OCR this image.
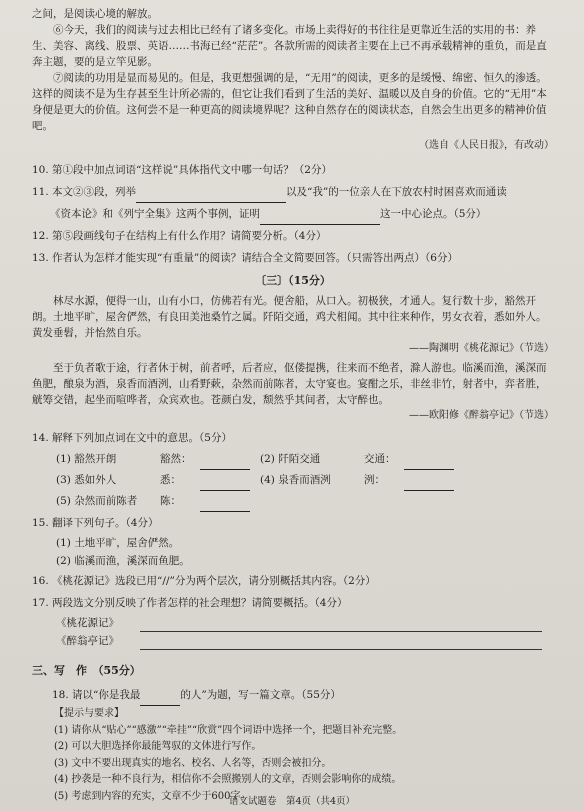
之间，是阅读心境的解放。

⑥今天，我们的阅读与过去相比已经有了诸多变化。市场上卖得好的书往往是更靠近生活的实用的书：养生、美容、离线、股票、英语……书海已经“茫茫”。各款所需的阅读者主要在上已不再承载精神的重负，而是直奔主题，要的是立竿见影。

⑦阅读的功用是显而易见的。但是，我更想强调的是，“无用”的阅读，更多的是缓慢、绵密、恒久的渗透。这样的阅读不是为生存甚至生计所必需的，但它让我们看到了生活的美好、温暖以及自身的价值。它的“无用”本身便是更大的价值。这何尝不是一种更高的阅读境界呢？这种自然存在的阅读状态，自然会生出更多的精神价值吧。

（选自《人民日报》，有改动）

10. 第①段中加点词语“这样说”具体指代文中哪一句话？（2分）

11. 本文②③段，列举	以及“我”的一位亲人在下放农村时困喜欢而通读

《资本论》和《列宁全集》这两个事例，证明	这一中心论点。（5分）

12. 第⑤段画线句子在结构上有什么作用？请简要分析。（4分）

13. 作者认为怎样才能实现“有重量”的阅读？请结合全文简要回答。（只需答出两点）（6分）

〔三〕（15分）

林尽水源，便得一山，山有小口，仿佛若有光。便舍船，从口入。初极狭，才通人。复行数十步，豁然开朗。土地平旷，屋舍俨然，有良田美池桑竹之属。阡陌交通，鸡犬相闻。其中往来种作，男女衣着，悉如外人。黄发垂髫，并怡然自乐。

——陶渊明《桃花源记》（节选）

至于负者歌于途，行者休于树，前者呼，后者应，伛偻提携，往来而不绝者，滁人游也。临溪而渔，溪深而鱼肥，酿泉为酒，泉香而酒洌，山肴野蔌，杂然而前陈者，太守宴也。宴酣之乐，非丝非竹，射者中，弈者胜，觥筹交错，起坐而喧哗者，众宾欢也。苍颜白发，颓然乎其间者，太守醉也。

——欧阳修《醉翁亭记》（节选）

14. 解释下列加点词在文中的意思。（5分）

(1) 豁然开朗	豁然：	(2) 阡陌交通	交通：
(3) 悉如外人	悉：	(4) 泉香而酒洌	洌：
(5) 杂然而前陈者	陈：

15. 翻译下列句子。（4分）

(1) 土地平旷，屋舍俨然。

(2) 临溪而渔，溪深而鱼肥。

16. 《桃花源记》选段已用“//”分为两个层次，请分别概括其内容。（2分）

17. 两段选文分别反映了作者怎样的社会理想？请简要概括。（4分）

《桃花源记》
《醉翁亭记》

三、写　作　（55分）

18. 请以“你是我最	的人”为题，写一篇文章。（55分）

【提示与要求】

(1) 请你从“贴心”“感激”“牵挂”“欣赏”四个词语中选择一个，把题目补充完整。

(2) 可以大胆选择你最能驾驭的文体进行写作。

(3) 文中不要出现真实的地名、校名、人名等，否则会被扣分。

(4) 抄袭是一种不良行为，相信你不会照搬别人的文章，否则会影响你的成绩。

(5) 考虑到内容的充实，文章不少于600字。

语文试题卷　第4页（共4页）
